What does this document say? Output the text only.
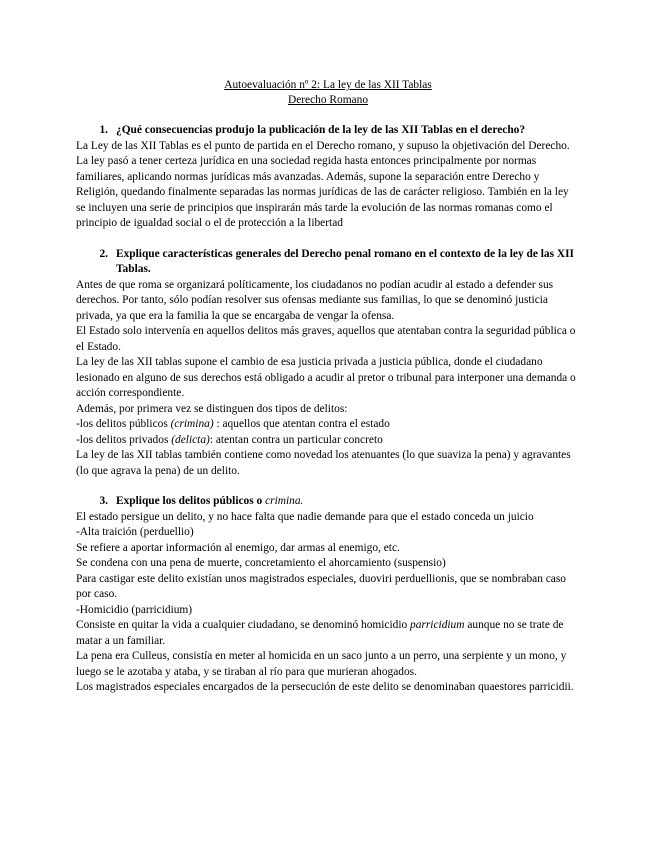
Autoevaluación nº 2: La ley de las XII Tablas

Derecho Romano

1. ¿Qué consecuencias produjo la publicación de la ley de las XII Tablas en el derecho?

La Ley de las XII Tablas es el punto de partida en el Derecho romano, y supuso la objetivación del Derecho.

La ley pasó a tener certeza jurídica en una sociedad regida hasta entonces principalmente por normas familiares, aplicando normas jurídicas más avanzadas. Además, supone la separación entre Derecho y Religión, quedando finalmente separadas las normas jurídicas de las de carácter religioso. También en la ley se incluyen una serie de principios que inspirarán más tarde la evolución de las normas romanas como el principio de igualdad social o el de protección a la libertad

2. Explique características generales del Derecho penal romano en el contexto de la ley de las XII Tablas.

Antes de que roma se organizará políticamente, los ciudadanos no podían acudir al estado a defender sus derechos. Por tanto, sólo podían resolver sus ofensas mediante sus familias, lo que se denominó justicia privada, ya que era la familia la que se encargaba de vengar la ofensa.

El Estado solo intervenía en aquellos delitos más graves, aquellos que atentaban contra la seguridad pública o el Estado.

La ley de las XII tablas supone el cambio de esa justicia privada a justicia pública, donde el ciudadano lesionado en alguno de sus derechos está obligado a acudir al pretor o tribunal para interponer una demanda o acción correspondiente.

Además, por primera vez se distinguen dos tipos de delitos:

-los delitos públicos (crimina) : aquellos que atentan contra el estado

-los delitos privados (delicta): atentan contra un particular concreto

La ley de las XII tablas también contiene como novedad los atenuantes (lo que suaviza la pena) y agravantes (lo que agrava la pena) de un delito.

3. Explique los delitos públicos o crimina.

El estado persigue un delito, y no hace falta que nadie demande para que el estado conceda un juicio

-Alta traición (perduellio)

Se refiere a aportar información al enemigo, dar armas al enemigo, etc.

Se condena con una pena de muerte, concretamiento el ahorcamiento (suspensio)

Para castigar este delito existían unos magistrados especiales, duoviri perduellionis, que se nombraban caso por caso.

-Homicidio (parricidium)

Consiste en quitar la vida a cualquier ciudadano, se denominó homicidio parricidium aunque no se trate de matar a un familiar.

La pena era Culleus, consistía en meter al homicida en un saco junto a un perro, una serpiente y un mono, y luego se le azotaba y ataba, y se tiraban al río para que murieran ahogados.

Los magistrados especiales encargados de la persecución de este delito se denominaban quaestores parricidii.
